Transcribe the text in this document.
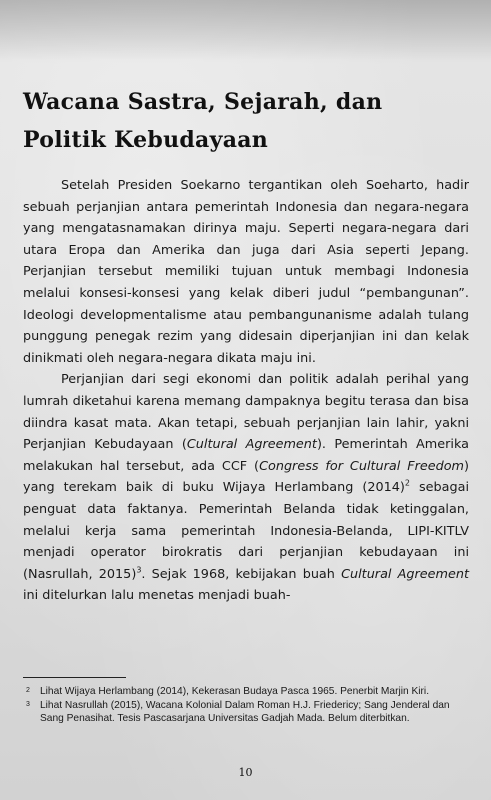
Wacana Sastra, Sejarah, dan Politik Kebudayaan

Setelah Presiden Soekarno tergantikan oleh Soeharto, hadir sebuah perjanjian antara pemerintah Indonesia dan negara-negara yang mengatasnamakan dirinya maju. Seperti negara-negara dari utara Eropa dan Amerika dan juga dari Asia seperti Jepang. Perjanjian tersebut memiliki tujuan untuk membagi Indonesia melalui konsesi-konsesi yang kelak diberi judul “pembangunan”. Ideologi developmentalisme atau pembangunanisme adalah tulang punggung penegak rezim yang didesain diperjanjian ini dan kelak dinikmati oleh negara-negara dikata maju ini.

Perjanjian dari segi ekonomi dan politik adalah perihal yang lumrah diketahui karena memang dampaknya begitu terasa dan bisa diindra kasat mata. Akan tetapi, sebuah perjanjian lain lahir, yakni Perjanjian Kebudayaan (Cultural Agreement). Pemerintah Amerika melakukan hal tersebut, ada CCF (Congress for Cultural Freedom) yang terekam baik di buku Wijaya Herlambang $(2014)^2$ sebagai penguat data faktanya. Pemerintah Belanda tidak ketinggalan, melalui kerja sama pemerintah Indonesia-Belanda, LIPI-KITLV menjadi operator birokratis dari perjanjian kebudayaan ini (Nasrullah, 2015)$^3$. Sejak 1968, kebijakan buah Cultural Agreement ini ditelurkan lalu menetas menjadi buah-

2 Lihat Wijaya Herlambang (2014), Kekerasan Budaya Pasca 1965. Penerbit Marjin Kiri.
3 Lihat Nasrullah (2015), Wacana Kolonial Dalam Roman H.J. Friedericy; Sang Jenderal dan Sang Penasihat. Tesis Pascasarjana Universitas Gadjah Mada. Belum diterbitkan.
10
